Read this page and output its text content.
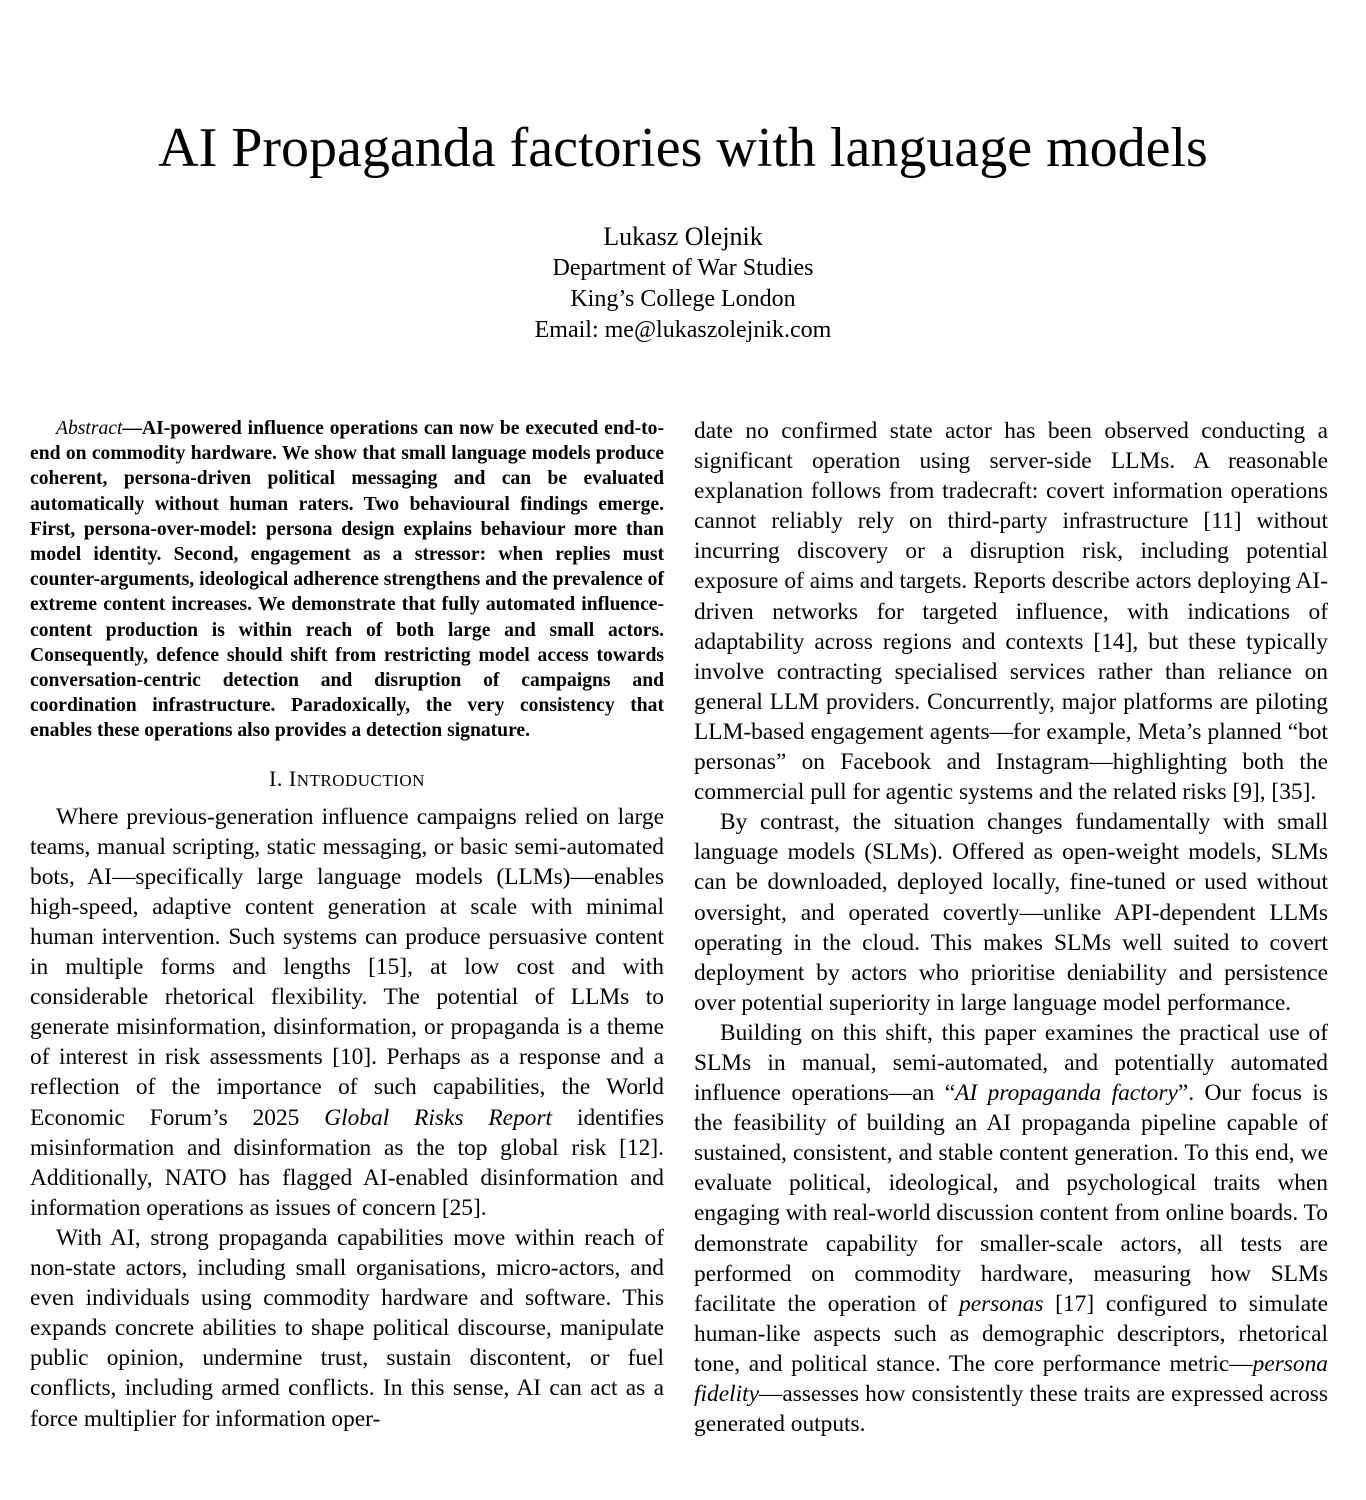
AI Propaganda factories with language models
Lukasz Olejnik
Department of War Studies
King’s College London
Email: me@lukaszolejnik.com

Abstract—AI-powered influence operations can now be executed end-to-end on commodity hardware. We show that small language models produce coherent, persona-driven political messaging and can be evaluated automatically without human raters. Two behavioural findings emerge. First, persona-over-model: persona design explains behaviour more than model identity. Second, engagement as a stressor: when replies must counter-arguments, ideological adherence strengthens and the prevalence of extreme content increases. We demonstrate that fully automated influence-content production is within reach of both large and small actors. Consequently, defence should shift from restricting model access towards conversation-centric detection and disruption of campaigns and coordination infrastructure. Paradoxically, the very consistency that enables these operations also provides a detection signature.

I. INTRODUCTION

Where previous-generation influence campaigns relied on large teams, manual scripting, static messaging, or basic semi-automated bots, AI—specifically large language models (LLMs)—enables high-speed, adaptive content generation at scale with minimal human intervention. Such systems can produce persuasive content in multiple forms and lengths [15], at low cost and with considerable rhetorical flexibility. The potential of LLMs to generate misinformation, disinformation, or propaganda is a theme of interest in risk assessments [10]. Perhaps as a response and a reflection of the importance of such capabilities, the World Economic Forum’s 2025 Global Risks Report identifies misinformation and disinformation as the top global risk [12]. Additionally, NATO has flagged AI-enabled disinformation and information operations as issues of concern [25].

With AI, strong propaganda capabilities move within reach of non-state actors, including small organisations, micro-actors, and even individuals using commodity hardware and software. This expands concrete abilities to shape political discourse, manipulate public opinion, undermine trust, sustain discontent, or fuel conflicts, including armed conflicts. In this sense, AI can act as a force multiplier for information oper-

date no confirmed state actor has been observed conducting a significant operation using server-side LLMs. A reasonable explanation follows from tradecraft: covert information operations cannot reliably rely on third-party infrastructure [11] without incurring discovery or a disruption risk, including potential exposure of aims and targets. Reports describe actors deploying AI-driven networks for targeted influence, with indications of adaptability across regions and contexts [14], but these typically involve contracting specialised services rather than reliance on general LLM providers. Concurrently, major platforms are piloting LLM-based engagement agents—for example, Meta’s planned “bot personas” on Facebook and Instagram—highlighting both the commercial pull for agentic systems and the related risks [9], [35].

By contrast, the situation changes fundamentally with small language models (SLMs). Offered as open-weight models, SLMs can be downloaded, deployed locally, fine-tuned or used without oversight, and operated covertly—unlike API-dependent LLMs operating in the cloud. This makes SLMs well suited to covert deployment by actors who prioritise deniability and persistence over potential superiority in large language model performance.

Building on this shift, this paper examines the practical use of SLMs in manual, semi-automated, and potentially automated influence operations—an “AI propaganda factory”. Our focus is the feasibility of building an AI propaganda pipeline capable of sustained, consistent, and stable content generation. To this end, we evaluate political, ideological, and psychological traits when engaging with real-world discussion content from online boards. To demonstrate capability for smaller-scale actors, all tests are performed on commodity hardware, measuring how SLMs facilitate the operation of personas [17] configured to simulate human-like aspects such as demographic descriptors, rhetorical tone, and political stance. The core performance metric—persona fidelity—assesses how consistently these traits are expressed across generated outputs.
